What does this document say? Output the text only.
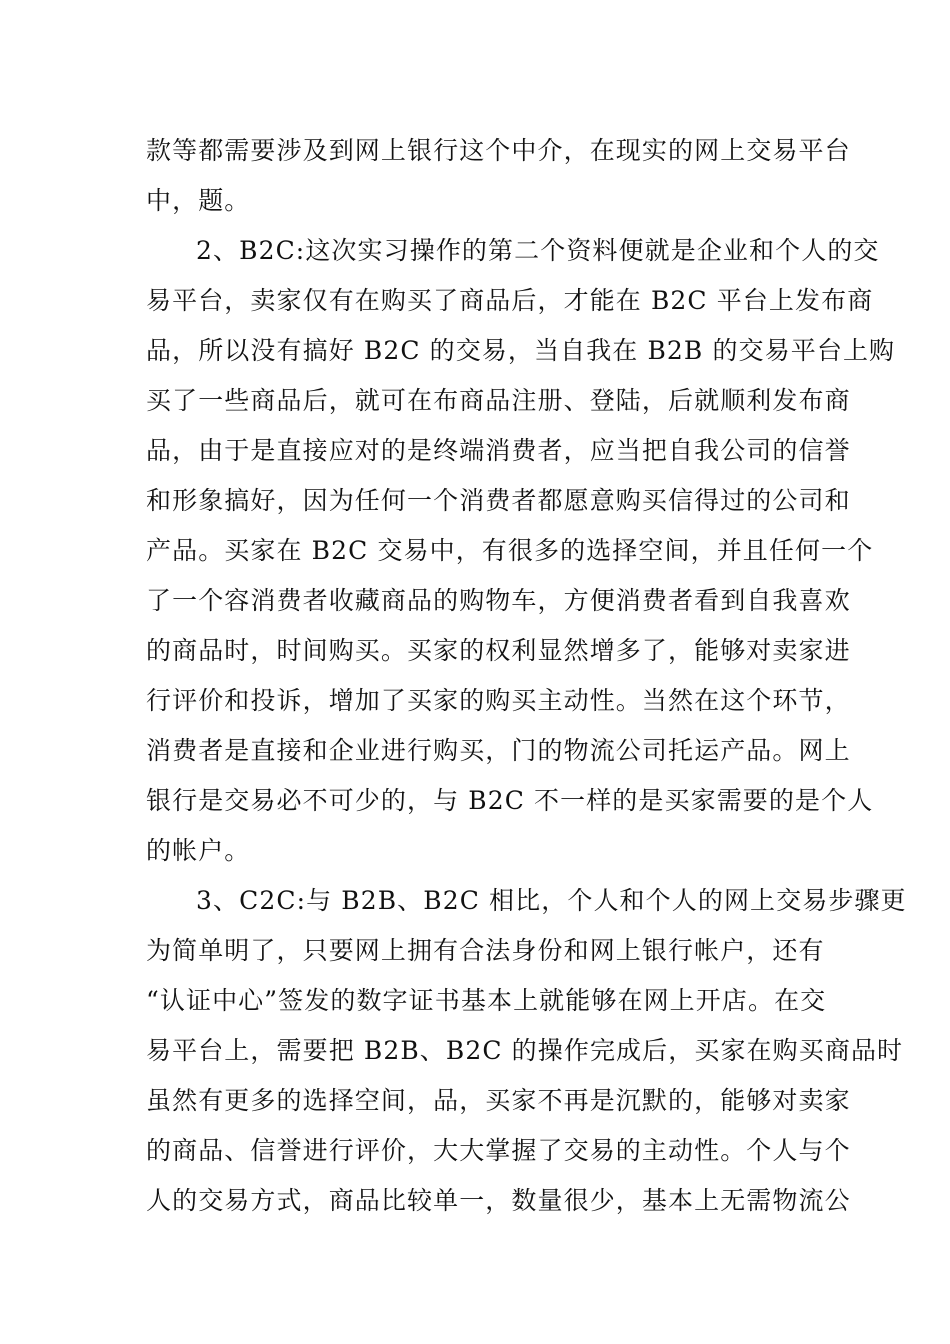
款等都需要涉及到网上银行这个中介，在现实的网上交易平台
中，题。
2、B2C:这次实习操作的第二个资料便就是企业和个人的交
易平台，卖家仅有在购买了商品后，才能在 B2C 平台上发布商
品，所以没有搞好 B2C 的交易，当自我在 B2B 的交易平台上购
买了一些商品后，就可在布商品注册、登陆，后就顺利发布商
品，由于是直接应对的是终端消费者，应当把自我公司的信誉
和形象搞好，因为任何一个消费者都愿意购买信得过的公司和
产品。买家在 B2C 交易中，有很多的选择空间，并且任何一个
了一个容消费者收藏商品的购物车，方便消费者看到自我喜欢
的商品时，时间购买。买家的权利显然增多了，能够对卖家进
行评价和投诉，增加了买家的购买主动性。当然在这个环节，
消费者是直接和企业进行购买，门的物流公司托运产品。网上
银行是交易必不可少的，与 B2C 不一样的是买家需要的是个人
的帐户。
3、C2C:与 B2B、B2C 相比，个人和个人的网上交易步骤更
为简单明了，只要网上拥有合法身份和网上银行帐户，还有
“认证中心”签发的数字证书基本上就能够在网上开店。在交
易平台上，需要把 B2B、B2C 的操作完成后，买家在购买商品时
虽然有更多的选择空间，品，买家不再是沉默的，能够对卖家
的商品、信誉进行评价，大大掌握了交易的主动性。个人与个
人的交易方式，商品比较单一，数量很少，基本上无需物流公
